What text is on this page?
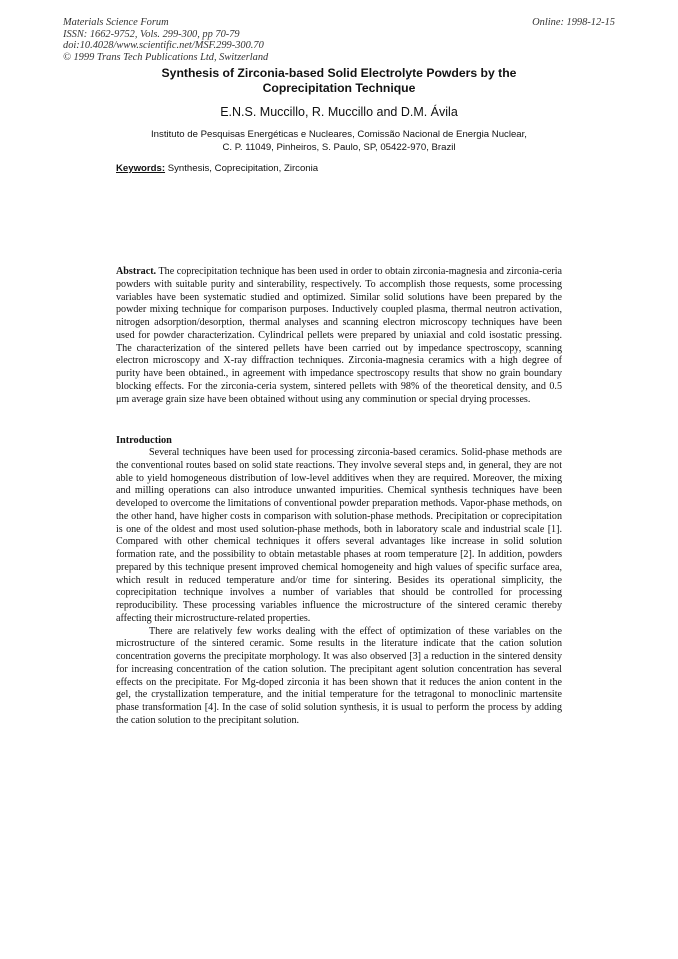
Materials Science Forum
ISSN: 1662-9752, Vols. 299-300, pp 70-79
doi:10.4028/www.scientific.net/MSF.299-300.70
© 1999 Trans Tech Publications Ltd, Switzerland
Online: 1998-12-15
Synthesis of Zirconia-based Solid Electrolyte Powders by the
Coprecipitation Technique
E.N.S. Muccillo, R. Muccillo and D.M. Ávila
Instituto de Pesquisas Energéticas e Nucleares, Comissão Nacional de Energia Nuclear,
C. P. 11049, Pinheiros, S. Paulo, SP, 05422-970, Brazil
Keywords: Synthesis, Coprecipitation, Zirconia
Abstract. The coprecipitation technique has been used in order to obtain zirconia-magnesia and zirconia-ceria powders with suitable purity and sinterability, respectively. To accomplish those requests, some processing variables have been systematic studied and optimized. Similar solid solutions have been prepared by the powder mixing technique for comparison purposes. Inductively coupled plasma, thermal neutron activation, nitrogen adsorption/desorption, thermal analyses and scanning electron microscopy techniques have been used for powder characterization. Cylindrical pellets were prepared by uniaxial and cold isostatic pressing. The characterization of the sintered pellets have been carried out by impedance spectroscopy, scanning electron microscopy and X-ray diffraction techniques. Zirconia-magnesia ceramics with a high degree of purity have been obtained., in agreement with impedance spectroscopy results that show no grain boundary blocking effects. For the zirconia-ceria system, sintered pellets with 98% of the theoretical density, and 0.5 μm average grain size have been obtained without using any comminution or special drying processes.
Introduction

Several techniques have been used for processing zirconia-based ceramics. Solid-phase methods are the conventional routes based on solid state reactions. They involve several steps and, in general, they are not able to yield homogeneous distribution of low-level additives when they are required. Moreover, the mixing and milling operations can also introduce unwanted impurities. Chemical synthesis techniques have been developed to overcome the limitations of conventional powder preparation methods. Vapor-phase methods, on the other hand, have higher costs in comparison with solution-phase methods. Precipitation or coprecipitation is one of the oldest and most used solution-phase methods, both in laboratory scale and industrial scale [1]. Compared with other chemical techniques it offers several advantages like increase in solid solution formation rate, and the possibility to obtain metastable phases at room temperature [2]. In addition, powders prepared by this technique present improved chemical homogeneity and high values of specific surface area, which result in reduced temperature and/or time for sintering. Besides its operational simplicity, the coprecipitation technique involves a number of variables that should be controlled for processing reproducibility. These processing variables influence the microstructure of the sintered ceramic thereby affecting their microstructure-related properties.

There are relatively few works dealing with the effect of optimization of these variables on the microstructure of the sintered ceramic. Some results in the literature indicate that the cation solution concentration governs the precipitate morphology. It was also observed [3] a reduction in the sintered density for increasing concentration of the cation solution. The precipitant agent solution concentration has several effects on the precipitate. For Mg-doped zirconia it has been shown that it reduces the anion content in the gel, the crystallization temperature, and the initial temperature for the tetragonal to monoclinic martensite phase transformation [4]. In the case of solid solution synthesis, it is usual to perform the process by adding the cation solution to the precipitant solution.
